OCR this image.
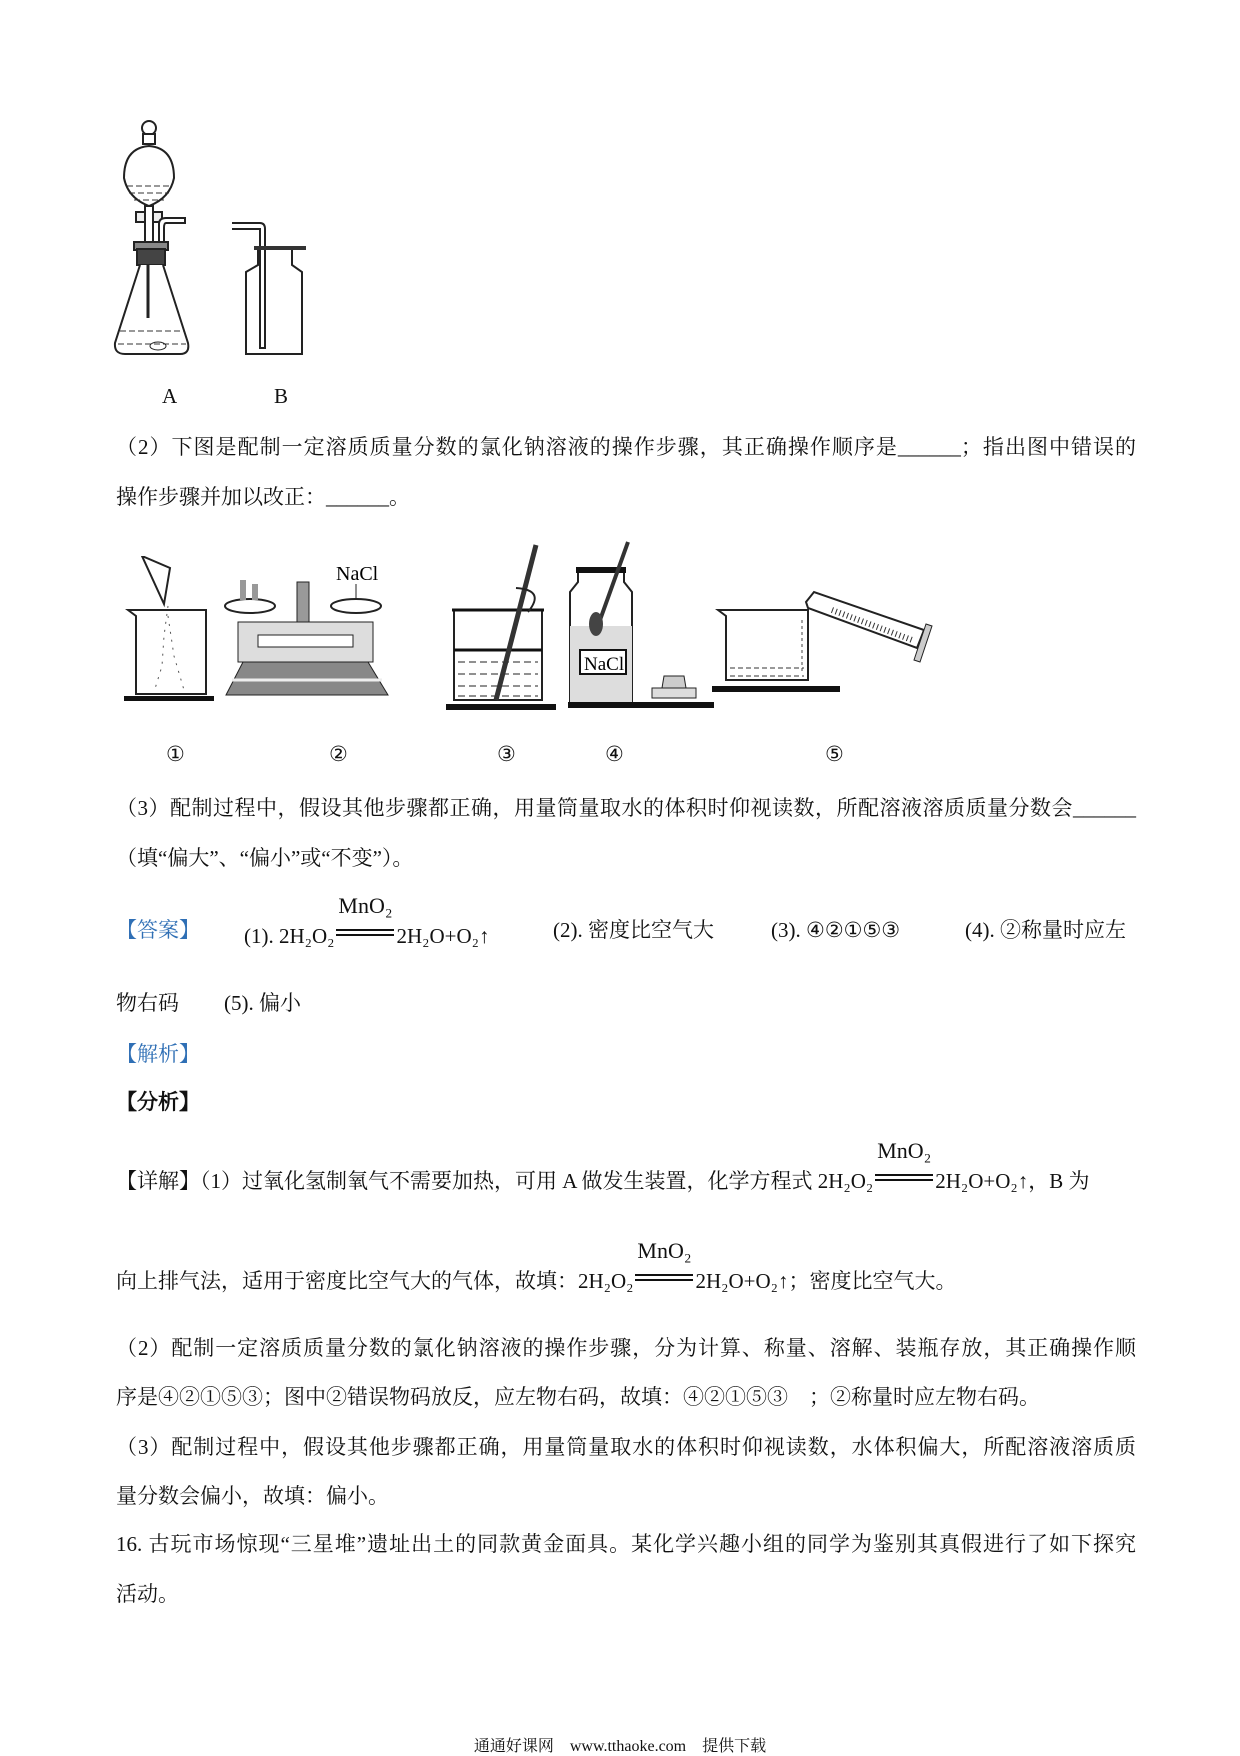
A	B
（2）下图是配制一定溶质质量分数的氯化钠溶液的操作步骤，其正确操作顺序是______；指出图中错误的
操作步骤并加以改正：______。
NaCl
NaCl
①	②	③	④	⑤
（3）配制过程中，假设其他步骤都正确，用量筒量取水的体积时仰视读数，所配溶液溶质质量分数会______
（填“偏大”、“偏小”或“不变”）。
【答案】 (1). 2H₂O₂
MnO₂
2H₂O+O₂↑	(2). 密度比空气大	(3). ④②①⑤③	(4). ②称量时应左
物右码 (5). 偏小
【解析】
【分析】
【详解】（1）过氧化氢制氧气不需要加热，可用 A 做发生装置，化学方程式 2H₂O₂
MnO₂
2H₂O+O₂↑，B 为
向上排气法，适用于密度比空气大的气体，故填：2H₂O₂
MnO₂
2H₂O+O₂↑；密度比空气大。
（2）配制一定溶质质量分数的氯化钠溶液的操作步骤，分为计算、称量、溶解、装瓶存放，其正确操作顺
序是④②①⑤③；图中②错误物码放反，应左物右码，故填：④②①⑤③　；②称量时应左物右码。
（3）配制过程中，假设其他步骤都正确，用量筒量取水的体积时仰视读数，水体积偏大，所配溶液溶质质
量分数会偏小，故填：偏小。
16. 古玩市场惊现“三星堆”遗址出土的同款黄金面具。某化学兴趣小组的同学为鉴别其真假进行了如下探究
活动。
通通好课网　www.tthaoke.com　提供下载
